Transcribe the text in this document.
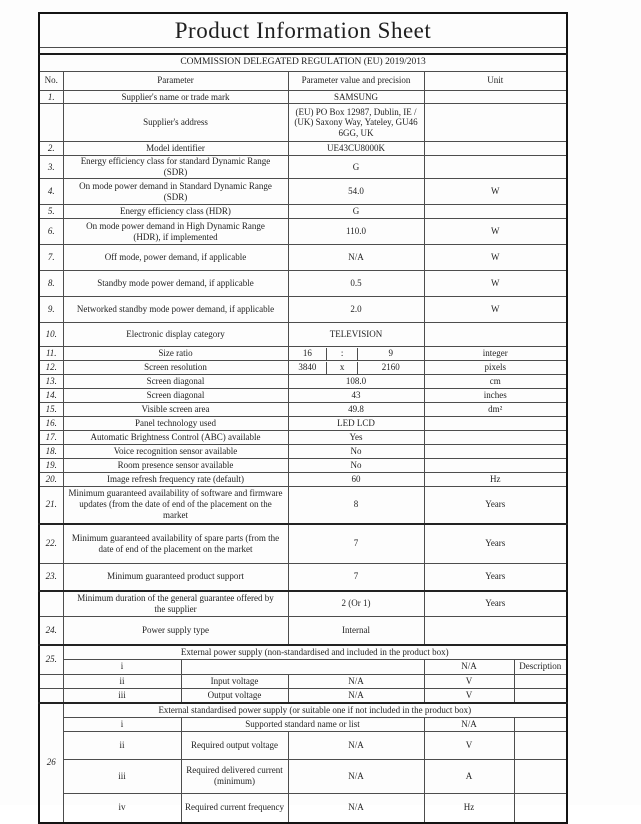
Product Information Sheet					

COMMISSION DELEGATED REGULATION (EU) 2019/2013					
No.	Parameter		Parameter value and precision	Unit	
1.	Supplier's name or trade mark		SAMSUNG		
	Supplier's address		(EU) PO Box 12987, Dublin, IE /
(UK) Saxony Way, Yateley, GU46
6GG, UK		

2.	Model identifier		UE43CU8000K		
3.	Energy efficiency class for standard Dynamic Range (SDR)		G		
4.	On mode power demand in Standard Dynamic Range (SDR)		54.0	W	
5.	Energy efficiency class (HDR)		G		
6.	On mode power demand in High Dynamic Range (HDR), if implemented		110.0	W	
7.	Off mode, power demand, if applicable		N/A	W	
8.	Standby mode power demand, if applicable		0.5	W	
9.	Networked standby mode power demand, if applicable		2.0	W	
10.	Electronic display category		TELEVISION		
11.	Size ratio		16 : 9	integer	
12.	Screen resolution		3840 x 2160	pixels	
13.	Screen diagonal		108.0	cm	
14.	Screen diagonal		43	inches	
15.	Visible screen area		49.8	dm²	
16.	Panel technology used		LED LCD		
17.	Automatic Brightness Control (ABC) available		Yes		
18.	Voice recognition sensor available		No		
19.	Room presence sensor available		No		
20.	Image refresh frequency rate (default)		60	Hz	
21.	Minimum guaranteed availability of software and firmware updates (from the date of end of the placement on the market		8	Years	
22.	Minimum guaranteed availability of spare parts (from the date of end of the placement on the market		7	Years	
23.	Minimum guaranteed product support		7	Years	
	Minimum duration of the general guarantee offered by the supplier		2 (Or 1)	Years	
24.	Power supply type		Internal		
25.	External power supply (non-standardised and included in the product box)				
	i			N/A	Description
	ii	Input voltage	N/A	V	
	iii	Output voltage	N/A	V	
26	External standardised power supply (or suitable one if not included in the product box)				
	i	Supported standard name or list		N/A	
	ii	Required output voltage	N/A	V	
	iii	Required delivered current (minimum)	N/A	A	
	iv	Required current frequency	N/A	Hz	
